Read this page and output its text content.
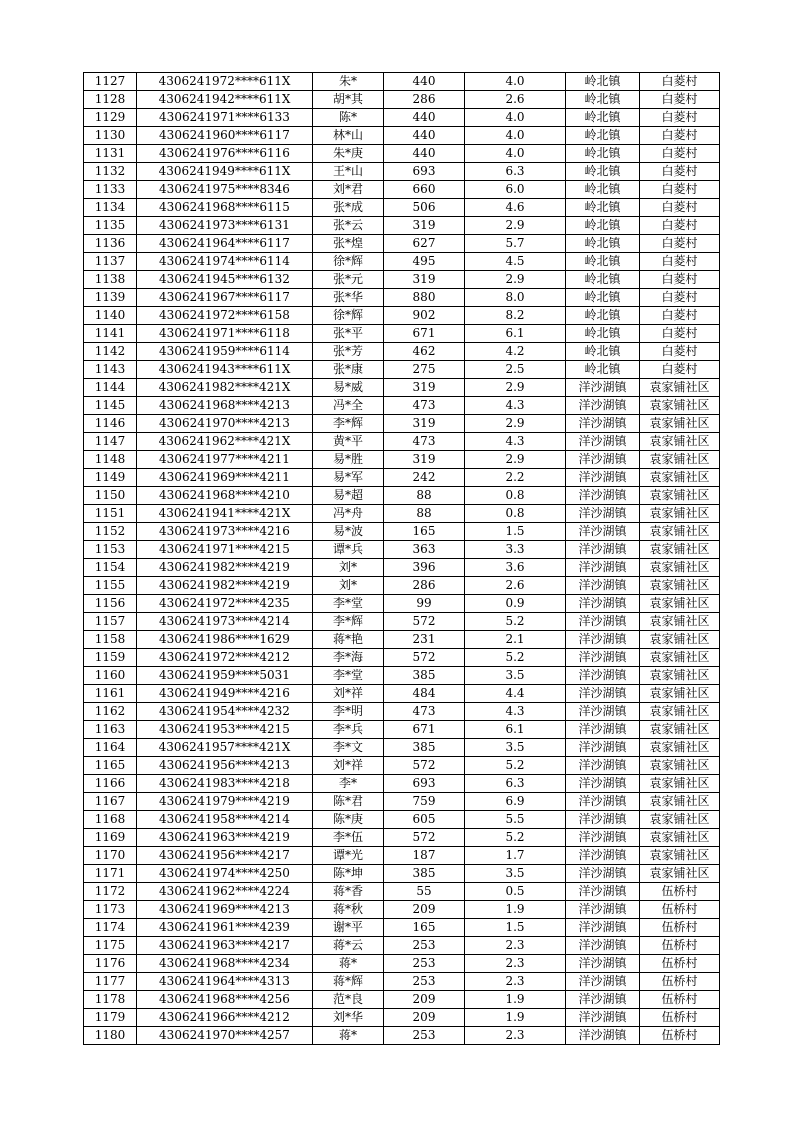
1127	4306241972****611X	朱*	440	4.0	岭北镇	白菱村
1128	4306241942****611X	胡*其	286	2.6	岭北镇	白菱村
1129	4306241971****6133	陈*	440	4.0	岭北镇	白菱村
1130	4306241960****6117	林*山	440	4.0	岭北镇	白菱村
1131	4306241976****6116	朱*庚	440	4.0	岭北镇	白菱村
1132	4306241949****611X	王*山	693	6.3	岭北镇	白菱村
1133	4306241975****8346	刘*君	660	6.0	岭北镇	白菱村
1134	4306241968****6115	张*成	506	4.6	岭北镇	白菱村
1135	4306241973****6131	张*云	319	2.9	岭北镇	白菱村
1136	4306241964****6117	张*煌	627	5.7	岭北镇	白菱村
1137	4306241974****6114	徐*辉	495	4.5	岭北镇	白菱村
1138	4306241945****6132	张*元	319	2.9	岭北镇	白菱村
1139	4306241967****6117	张*华	880	8.0	岭北镇	白菱村
1140	4306241972****6158	徐*辉	902	8.2	岭北镇	白菱村
1141	4306241971****6118	张*平	671	6.1	岭北镇	白菱村
1142	4306241959****6114	张*芳	462	4.2	岭北镇	白菱村
1143	4306241943****611X	张*康	275	2.5	岭北镇	白菱村
1144	4306241982****421X	易*威	319	2.9	洋沙湖镇	袁家铺社区
1145	4306241968****4213	冯*全	473	4.3	洋沙湖镇	袁家铺社区
1146	4306241970****4213	李*辉	319	2.9	洋沙湖镇	袁家铺社区
1147	4306241962****421X	黄*平	473	4.3	洋沙湖镇	袁家铺社区
1148	4306241977****4211	易*胜	319	2.9	洋沙湖镇	袁家铺社区
1149	4306241969****4211	易*军	242	2.2	洋沙湖镇	袁家铺社区
1150	4306241968****4210	易*超	88	0.8	洋沙湖镇	袁家铺社区
1151	4306241941****421X	冯*舟	88	0.8	洋沙湖镇	袁家铺社区
1152	4306241973****4216	易*波	165	1.5	洋沙湖镇	袁家铺社区
1153	4306241971****4215	谭*兵	363	3.3	洋沙湖镇	袁家铺社区
1154	4306241982****4219	刘*	396	3.6	洋沙湖镇	袁家铺社区
1155	4306241982****4219	刘*	286	2.6	洋沙湖镇	袁家铺社区
1156	4306241972****4235	李*堂	99	0.9	洋沙湖镇	袁家铺社区
1157	4306241973****4214	李*辉	572	5.2	洋沙湖镇	袁家铺社区
1158	4306241986****1629	蒋*艳	231	2.1	洋沙湖镇	袁家铺社区
1159	4306241972****4212	李*海	572	5.2	洋沙湖镇	袁家铺社区
1160	4306241959****5031	李*堂	385	3.5	洋沙湖镇	袁家铺社区
1161	4306241949****4216	刘*祥	484	4.4	洋沙湖镇	袁家铺社区
1162	4306241954****4232	李*明	473	4.3	洋沙湖镇	袁家铺社区
1163	4306241953****4215	李*兵	671	6.1	洋沙湖镇	袁家铺社区
1164	4306241957****421X	李*文	385	3.5	洋沙湖镇	袁家铺社区
1165	4306241956****4213	刘*祥	572	5.2	洋沙湖镇	袁家铺社区
1166	4306241983****4218	李*	693	6.3	洋沙湖镇	袁家铺社区
1167	4306241979****4219	陈*君	759	6.9	洋沙湖镇	袁家铺社区
1168	4306241958****4214	陈*庚	605	5.5	洋沙湖镇	袁家铺社区
1169	4306241963****4219	李*伍	572	5.2	洋沙湖镇	袁家铺社区
1170	4306241956****4217	谭*光	187	1.7	洋沙湖镇	袁家铺社区
1171	4306241974****4250	陈*坤	385	3.5	洋沙湖镇	袁家铺社区
1172	4306241962****4224	蒋*香	55	0.5	洋沙湖镇	伍桥村
1173	4306241969****4213	蒋*秋	209	1.9	洋沙湖镇	伍桥村
1174	4306241961****4239	谢*平	165	1.5	洋沙湖镇	伍桥村
1175	4306241963****4217	蒋*云	253	2.3	洋沙湖镇	伍桥村
1176	4306241968****4234	蒋*	253	2.3	洋沙湖镇	伍桥村
1177	4306241964****4313	蒋*辉	253	2.3	洋沙湖镇	伍桥村
1178	4306241968****4256	范*良	209	1.9	洋沙湖镇	伍桥村
1179	4306241966****4212	刘*华	209	1.9	洋沙湖镇	伍桥村
1180	4306241970****4257	蒋*	253	2.3	洋沙湖镇	伍桥村
